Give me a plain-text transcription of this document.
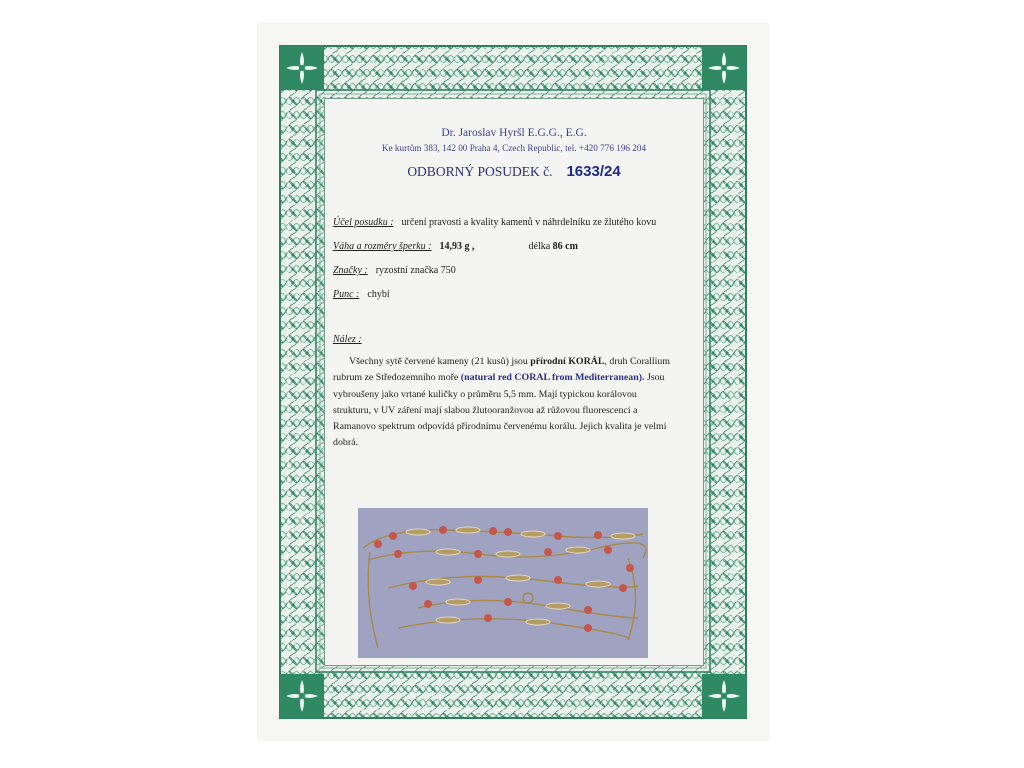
Dr. Jaroslav Hyršl E.G.G., E.G.
Ke kurtům 383, 142 00 Praha 4, Czech Republic, tel. +420 776 196 204
ODBORNÝ POSUDEK č. 1633/24
Účel posudku : určení pravosti a kvality kamenů v náhrdelníku ze žlutého kovu
Váha a rozměry šperku : 14,93 g ,	délka 86 cm
Značky : ryzostní značka 750
Punc : chybí
Nález :
Všechny sytě červené kameny (21 kusů) jsou přírodní KORÁL, druh Corallium rubrum ze Středozemního moře (natural red CORAL from Mediterranean). Jsou vybroušeny jako vrtané kuličky o průměru 5,5 mm. Mají typickou korálovou strukturu, v UV záření mají slabou žlutooranžovou až růžovou fluorescenci a Ramanovo spektrum odpovídá přírodnímu červenému korálu. Jejich kvalita je velmi dobrá.
